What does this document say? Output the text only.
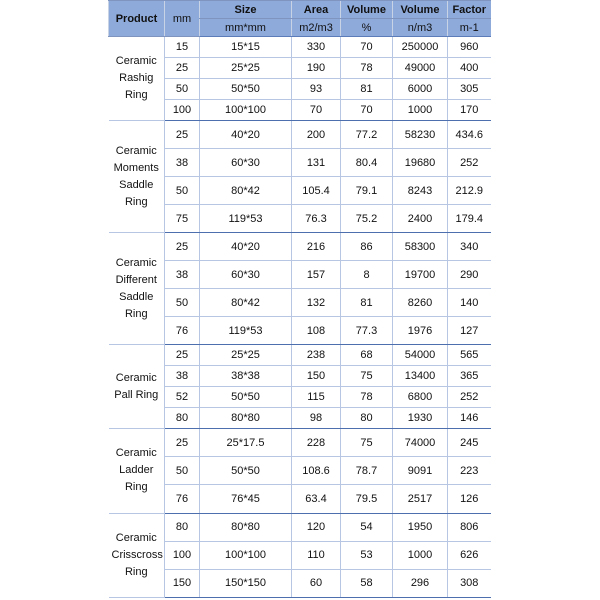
Product	mm	Size	Area	Volume	Volume	Factor
		mm*mm	m2/m3	%	n/m3	m-1

Ceramic
Rashig
Ring	15	15*15	330	70	250000	960
	25	25*25	190	78	49000	400
	50	50*50	93	81	6000	305
	100	100*100	70	70	1000	170

Ceramic
Moments
Saddle
Ring	25	40*20	200	77.2	58230	434.6
	38	60*30	131	80.4	19680	252
	50	80*42	105.4	79.1	8243	212.9
	75	119*53	76.3	75.2	2400	179.4

Ceramic
Different
Saddle
Ring	25	40*20	216	86	58300	340
	38	60*30	157	8	19700	290
	50	80*42	132	81	8260	140
	76	119*53	108	77.3	1976	127

Ceramic
Pall Ring	25	25*25	238	68	54000	565
	38	38*38	150	75	13400	365
	52	50*50	115	78	6800	252
	80	80*80	98	80	1930	146

Ceramic
Ladder
Ring	25	25*17.5	228	75	74000	245
	50	50*50	108.6	78.7	9091	223
	76	76*45	63.4	79.5	2517	126

Ceramic
Crisscross
Ring	80	80*80	120	54	1950	806
	100	100*100	110	53	1000	626
	150	150*150	60	58	296	308
